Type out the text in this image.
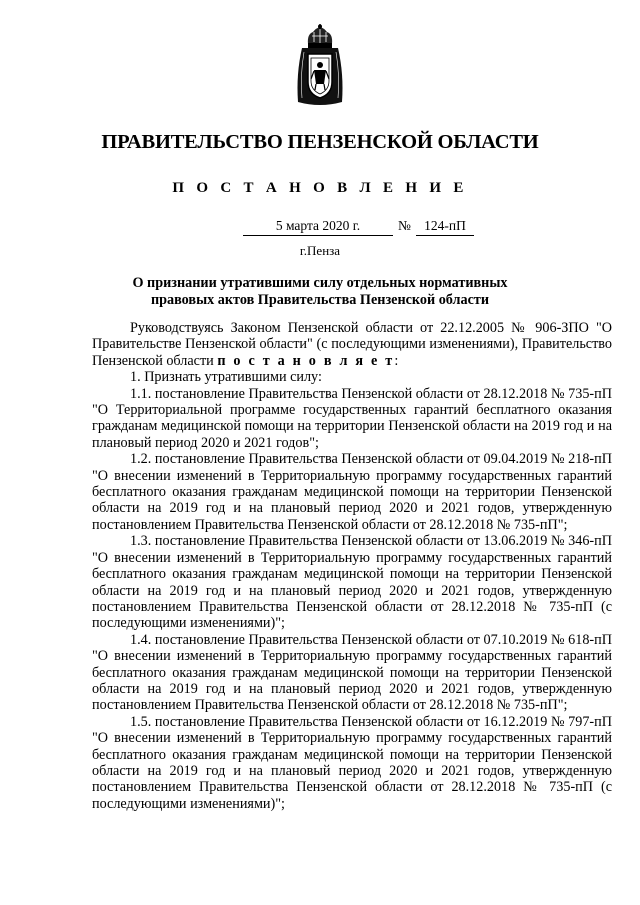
ПРАВИТЕЛЬСТВО ПЕНЗЕНСКОЙ ОБЛАСТИ
П О С Т А Н О В Л Е Н И Е
5 марта 2020 г.	№ 124-пП
г.Пенза
О признании утратившими силу отдельных нормативных
правовых актов Правительства Пензенской области

Руководствуясь Законом Пензенской области от 22.12.2005 № 906-ЗПО "О Правительстве Пензенской области" (с последующими изменениями), Правительство Пензенской области п о с т а н о в л я е т:

1. Признать утратившими силу:

1.1. постановление Правительства Пензенской области от 28.12.2018 № 735-пП "О Территориальной программе государственных гарантий бесплатного оказания гражданам медицинской помощи на территории Пензенской области на 2019 год и на плановый период 2020 и 2021 годов";

1.2. постановление Правительства Пензенской области от 09.04.2019 № 218-пП "О внесении изменений в Территориальную программу государственных гарантий бесплатного оказания гражданам медицинской помощи на территории Пензенской области на 2019 год и на плановый период 2020 и 2021 годов, утвержденную постановлением Правительства Пензенской области от 28.12.2018 № 735-пП";

1.3. постановление Правительства Пензенской области от 13.06.2019 № 346-пП "О внесении изменений в Территориальную программу государственных гарантий бесплатного оказания гражданам медицинской помощи на территории Пензенской области на 2019 год и на плановый период 2020 и 2021 годов, утвержденную постановлением Правительства Пензенской области от 28.12.2018 № 735-пП (с последующими изменениями)";

1.4. постановление Правительства Пензенской области от 07.10.2019 № 618-пП "О внесении изменений в Территориальную программу государственных гарантий бесплатного оказания гражданам медицинской помощи на территории Пензенской области на 2019 год и на плановый период 2020 и 2021 годов, утвержденную постановлением Правительства Пензенской области от 28.12.2018 № 735-пП";

1.5. постановление Правительства Пензенской области от 16.12.2019 № 797-пП "О внесении изменений в Территориальную программу государственных гарантий бесплатного оказания гражданам медицинской помощи на территории Пензенской области на 2019 год и на плановый период 2020 и 2021 годов, утвержденную постановлением Правительства Пензенской области от 28.12.2018 № 735-пП (с последующими изменениями)";
